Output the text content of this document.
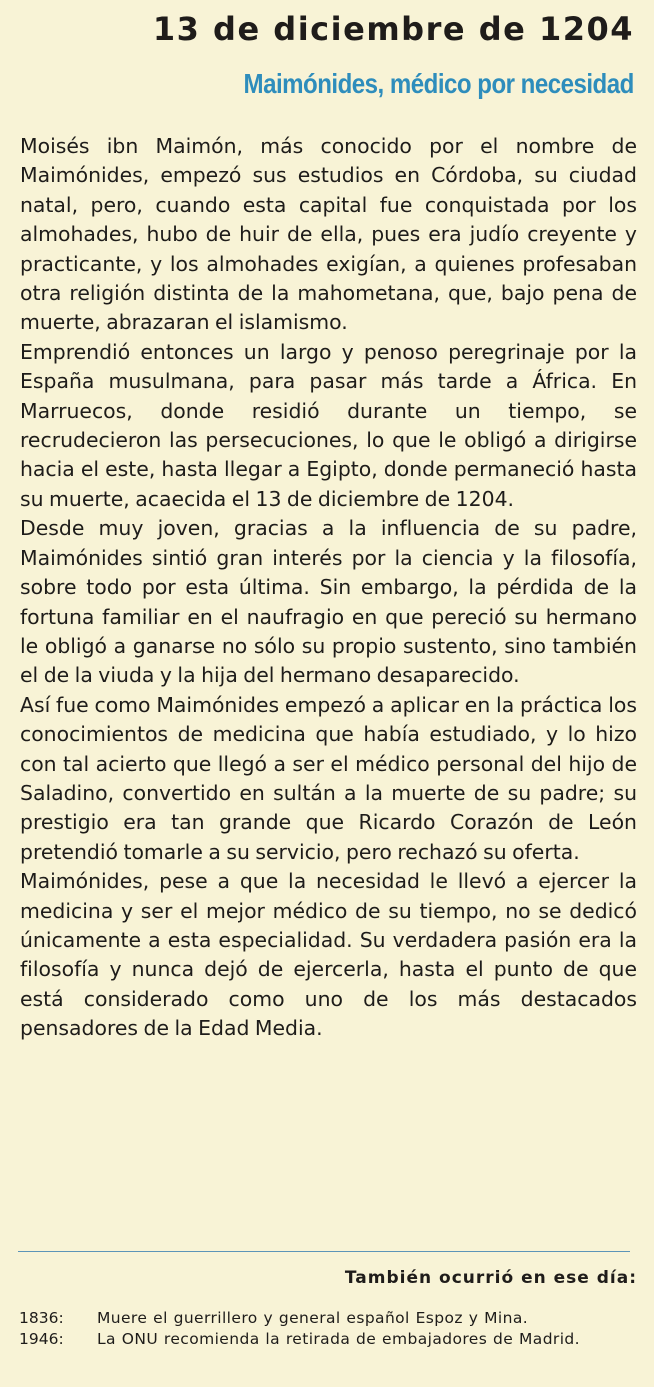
13 de diciembre de 1204
Maimónides, médico por necesidad

Moisés ibn Maimón, más conocido por el nombre de Maimónides, empezó sus estudios en Córdoba, su ciudad natal, pero, cuando esta capital fue conquistada por los almohades, hubo de huir de ella, pues era judío creyente y practicante, y los almohades exigían, a quienes profesaban otra religión distinta de la mahometana, que, bajo pena de muerte, abrazaran el islamismo.

Emprendió entonces un largo y penoso peregrinaje por la España musulmana, para pasar más tarde a África. En Marruecos, donde residió durante un tiempo, se recrudecieron las persecuciones, lo que le obligó a dirigirse hacia el este, hasta llegar a Egipto, donde permaneció hasta su muerte, acaecida el 13 de diciembre de 1204.

Desde muy joven, gracias a la influencia de su padre, Maimónides sintió gran interés por la ciencia y la filosofía, sobre todo por esta última. Sin embargo, la pérdida de la fortuna familiar en el naufragio en que pereció su hermano le obligó a ganarse no sólo su propio sustento, sino también el de la viuda y la hija del hermano desaparecido.

Así fue como Maimónides empezó a aplicar en la práctica los conocimientos de medicina que había estudiado, y lo hizo con tal acierto que llegó a ser el médico personal del hijo de Saladino, convertido en sultán a la muerte de su padre; su prestigio era tan grande que Ricardo Corazón de León pretendió tomarle a su servicio, pero rechazó su oferta.

Maimónides, pese a que la necesidad le llevó a ejercer la medicina y ser el mejor médico de su tiempo, no se dedicó únicamente a esta especialidad. Su verdadera pasión era la filosofía y nunca dejó de ejercerla, hasta el punto de que está considerado como uno de los más destacados pensadores de la Edad Media.

También ocurrió en ese día:
1836:	Muere el guerrillero y general español Espoz y Mina.
1946:	La ONU recomienda la retirada de embajadores de Madrid.
